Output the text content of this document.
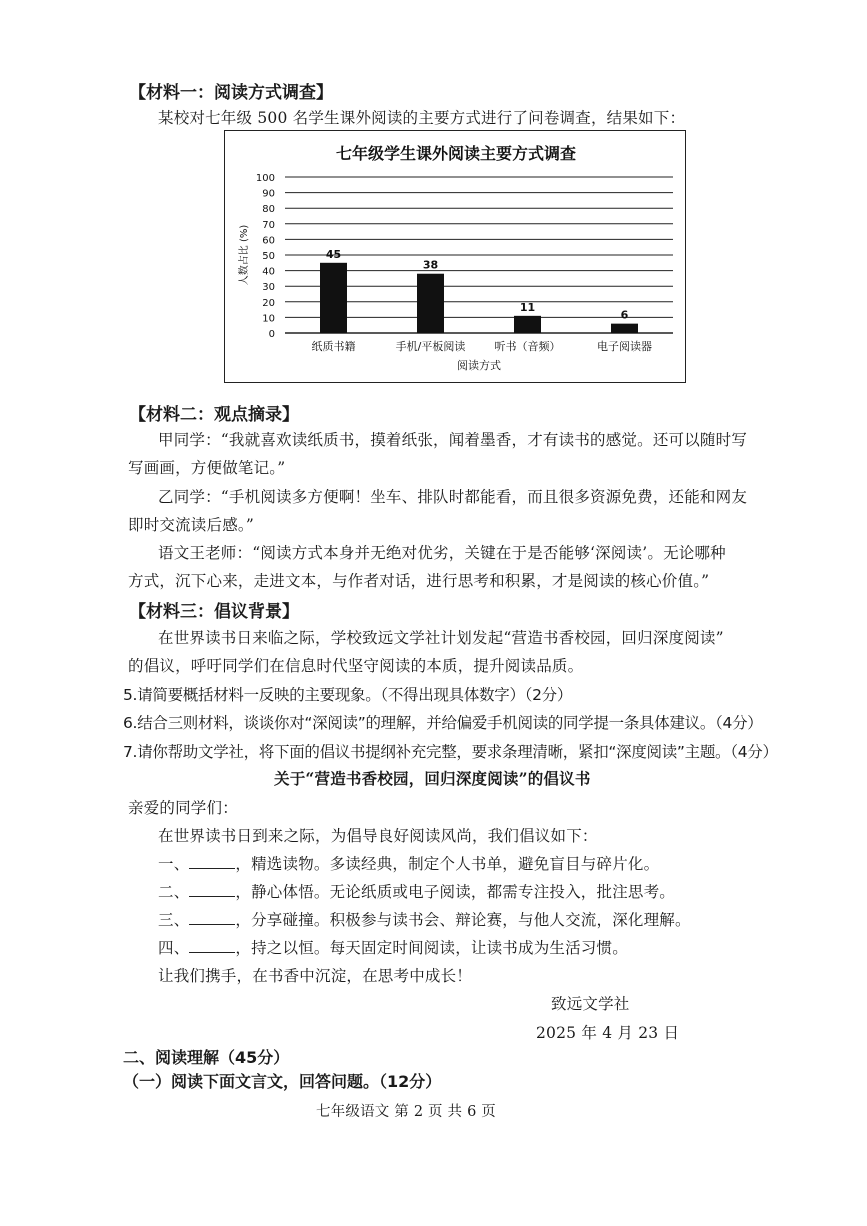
【材料一：阅读方式调查】
某校对七年级 500 名学生课外阅读的主要方式进行了问卷调查，结果如下：
七年级学生课外阅读主要方式调查
0
10
20
30
40
50
60
70
80
90
100
人数占比 (%)	45
纸质书籍
38
手机/平板阅读
11
听书（音频）
6
电子阅读器
阅读方式
【材料二：观点摘录】
甲同学：“我就喜欢读纸质书，摸着纸张，闻着墨香，才有读书的感觉。还可以随时写
写画画，方便做笔记。”
乙同学：“手机阅读多方便啊！坐车、排队时都能看，而且很多资源免费，还能和网友
即时交流读后感。”
语文王老师：“阅读方式本身并无绝对优劣，关键在于是否能够‘深阅读’。无论哪种
方式，沉下心来，走进文本，与作者对话，进行思考和积累，才是阅读的核心价值。”
【材料三：倡议背景】
在世界读书日来临之际，学校致远文学社计划发起“营造书香校园，回归深度阅读”
的倡议，呼吁同学们在信息时代坚守阅读的本质，提升阅读品质。
5.请简要概括材料一反映的主要现象。（不得出现具体数字）（2分）
6.结合三则材料，谈谈你对“深阅读”的理解，并给偏爱手机阅读的同学提一条具体建议。（4分）
7.请你帮助文学社，将下面的倡议书提纲补充完整，要求条理清晰，紧扣“深度阅读”主题。（4分）
关于“营造书香校园，回归深度阅读”的倡议书
亲爱的同学们：
在世界读书日到来之际，为倡导良好阅读风尚，我们倡议如下：
一、	，精选读物。多读经典，制定个人书单，避免盲目与碎片化。
二、	，静心体悟。无论纸质或电子阅读，都需专注投入，批注思考。
三、	，分享碰撞。积极参与读书会、辩论赛，与他人交流，深化理解。
四、	，持之以恒。每天固定时间阅读，让读书成为生活习惯。
让我们携手，在书香中沉淀，在思考中成长！
致远文学社
2025 年 4 月 23 日
二、阅读理解（45分）
（一）阅读下面文言文，回答问题。（12分）
七年级语文 第 2 页 共 6 页
